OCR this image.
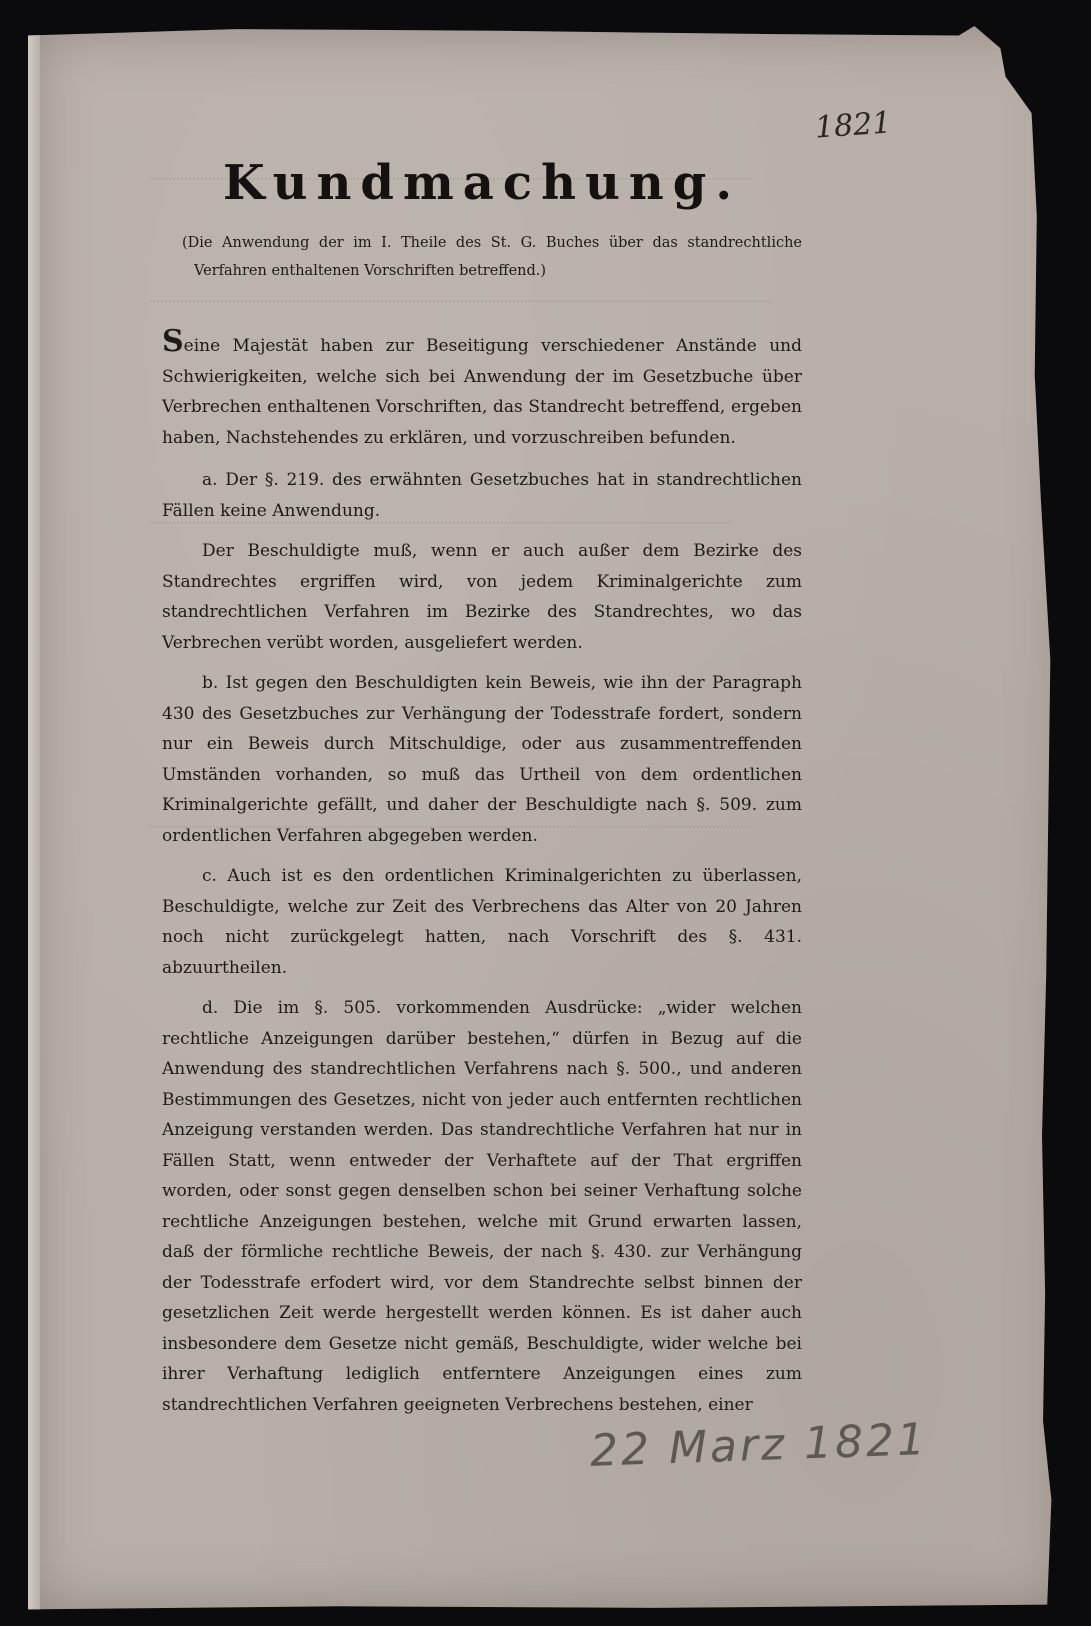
1821
Kundmachung.

(Die Anwendung der im I. Theile des St. G. Buches über das standrechtliche Verfahren enthaltenen Vorschriften betreffend.)

Seine Majestät haben zur Beseitigung verschiedener Anstände und Schwierigkeiten, welche sich bei Anwendung der im Gesetzbuche über Verbrechen enthaltenen Vorschriften, das Standrecht betreffend, ergeben haben, Nachstehendes zu erklären, und vorzuschreiben befunden.

a. Der §. 219. des erwähnten Gesetzbuches hat in standrechtlichen Fällen keine Anwendung.

Der Beschuldigte muß, wenn er auch außer dem Bezirke des Standrechtes ergriffen wird, von jedem Kriminalgerichte zum standrechtlichen Verfahren im Bezirke des Standrechtes, wo das Verbrechen verübt worden, ausgeliefert werden.

b. Ist gegen den Beschuldigten kein Beweis, wie ihn der Paragraph 430 des Gesetzbuches zur Verhängung der Todesstrafe fordert, sondern nur ein Beweis durch Mitschuldige, oder aus zusammentreffenden Umständen vorhanden, so muß das Urtheil von dem ordentlichen Kriminalgerichte gefällt, und daher der Beschuldigte nach §. 509. zum ordentlichen Verfahren abgegeben werden.

c. Auch ist es den ordentlichen Kriminalgerichten zu überlassen, Beschuldigte, welche zur Zeit des Verbrechens das Alter von 20 Jahren noch nicht zurückgelegt hatten, nach Vorschrift des §. 431. abzuurtheilen.

d. Die im §. 505. vorkommenden Ausdrücke: „wider welchen rechtliche Anzeigungen darüber bestehen,“ dürfen in Bezug auf die Anwendung des standrechtlichen Verfahrens nach §. 500., und anderen Bestimmungen des Gesetzes, nicht von jeder auch entfernten rechtlichen Anzeigung verstanden werden. Das standrechtliche Verfahren hat nur in Fällen Statt, wenn entweder der Verhaftete auf der That ergriffen worden, oder sonst gegen denselben schon bei seiner Verhaftung solche rechtliche Anzeigungen bestehen, welche mit Grund erwarten lassen, daß der förmliche rechtliche Beweis, der nach §. 430. zur Verhängung der Todesstrafe erfodert wird, vor dem Standrechte selbst binnen der gesetzlichen Zeit werde hergestellt werden können. Es ist daher auch insbesondere dem Gesetze nicht gemäß, Beschuldigte, wider welche bei ihrer Verhaftung lediglich entferntere Anzeigungen eines zum standrechtlichen Verfahren geeigneten Verbrechens bestehen, einer

22 Marz 1821
